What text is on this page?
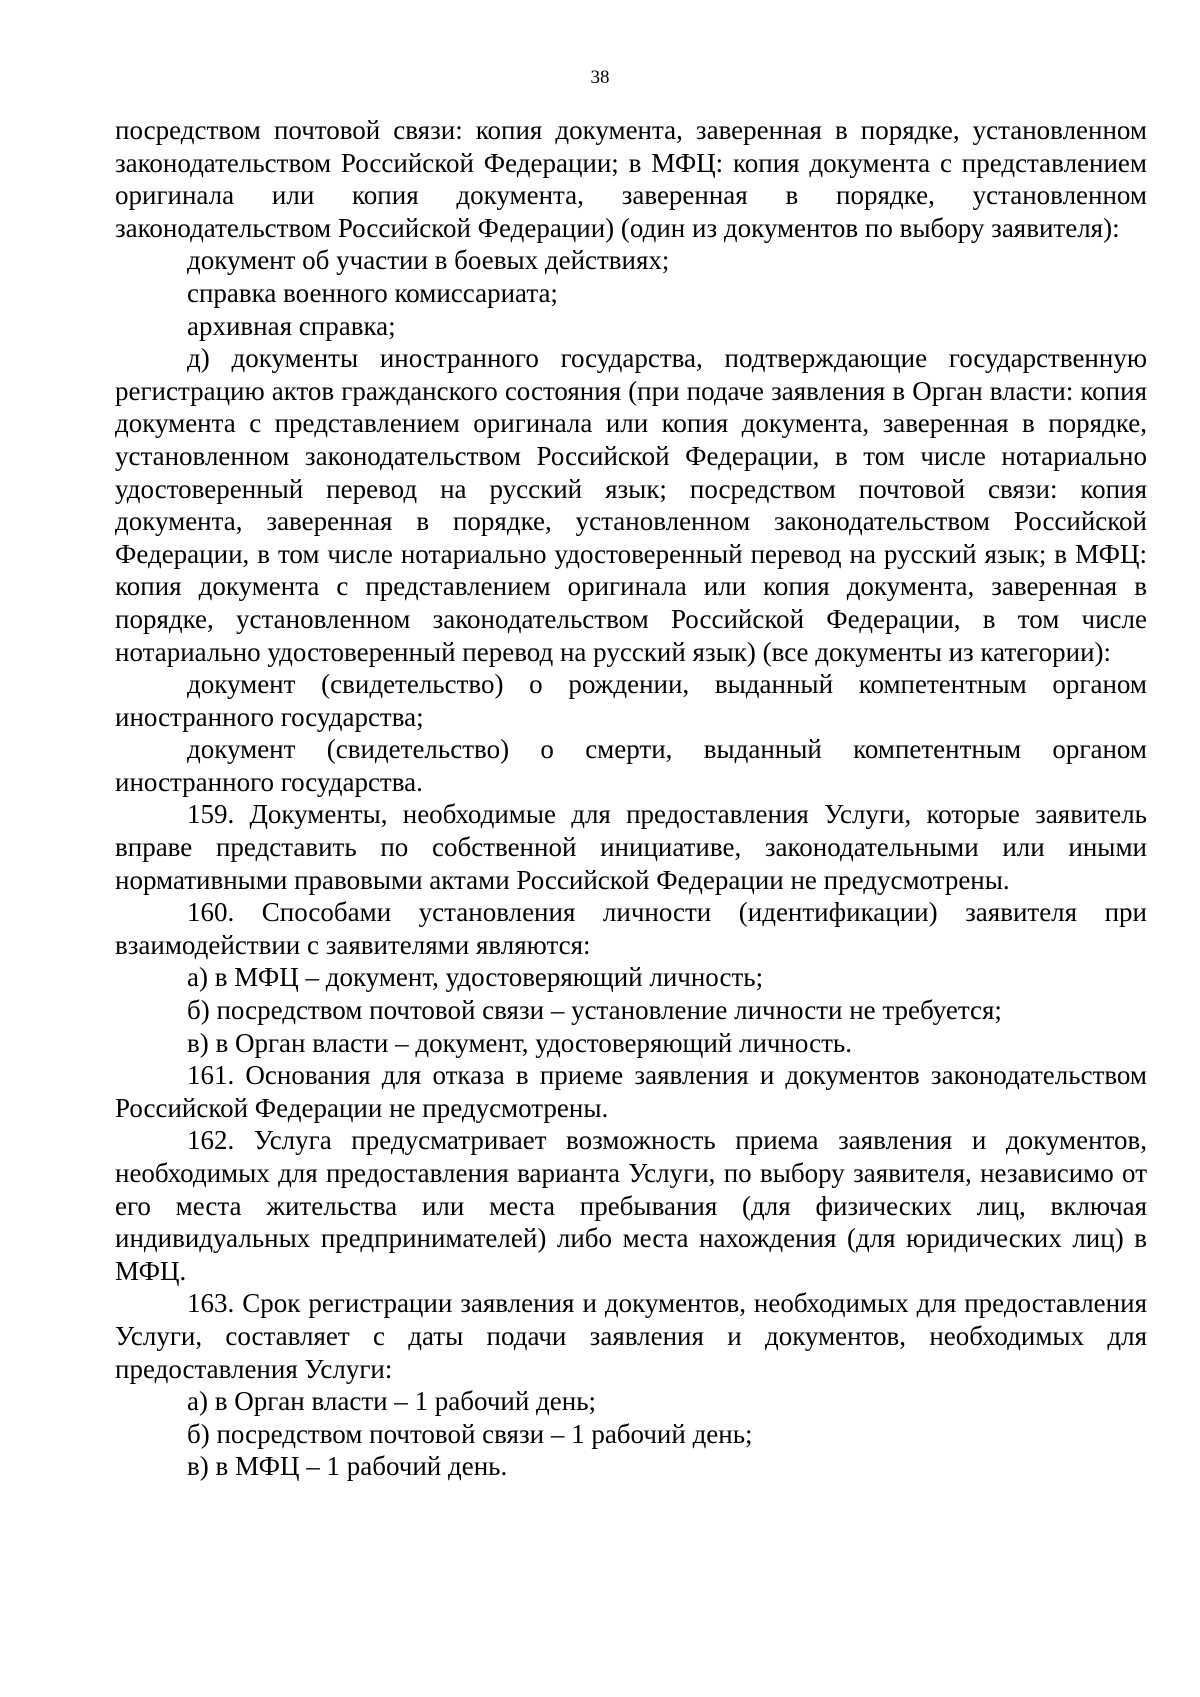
38

посредством почтовой связи: копия документа, заверенная в порядке, установленном законодательством Российской Федерации; в МФЦ: копия документа с представлением оригинала или копия документа, заверенная в порядке, установленном законодательством Российской Федерации) (один из документов по выбору заявителя):

документ об участии в боевых действиях;

справка военного комиссариата;

архивная справка;

д) документы иностранного государства, подтверждающие государственную регистрацию актов гражданского состояния (при подаче заявления в Орган власти: копия документа с представлением оригинала или копия документа, заверенная в порядке, установленном законодательством Российской Федерации, в том числе нотариально удостоверенный перевод на русский язык; посредством почтовой связи: копия документа, заверенная в порядке, установленном законодательством Российской Федерации, в том числе нотариально удостоверенный перевод на русский язык; в МФЦ: копия документа с представлением оригинала или копия документа, заверенная в порядке, установленном законодательством Российской Федерации, в том числе нотариально удостоверенный перевод на русский язык) (все документы из категории):

документ (свидетельство) о рождении, выданный компетентным органом иностранного государства;

документ (свидетельство) о смерти, выданный компетентным органом иностранного государства.

159. Документы, необходимые для предоставления Услуги, которые заявитель вправе представить по собственной инициативе, законодательными или иными нормативными правовыми актами Российской Федерации не предусмотрены.

160. Способами установления личности (идентификации) заявителя при взаимодействии с заявителями являются:

а) в МФЦ – документ, удостоверяющий личность;

б) посредством почтовой связи – установление личности не требуется;

в) в Орган власти – документ, удостоверяющий личность.

161. Основания для отказа в приеме заявления и документов законодательством Российской Федерации не предусмотрены.

162. Услуга предусматривает возможность приема заявления и документов, необходимых для предоставления варианта Услуги, по выбору заявителя, независимо от его места жительства или места пребывания (для физических лиц, включая индивидуальных предпринимателей) либо места нахождения (для юридических лиц) в МФЦ.

163. Срок регистрации заявления и документов, необходимых для предоставления Услуги, составляет с даты подачи заявления и документов, необходимых для предоставления Услуги:

а) в Орган власти – 1 рабочий день;

б) посредством почтовой связи – 1 рабочий день;

в) в МФЦ – 1 рабочий день.
